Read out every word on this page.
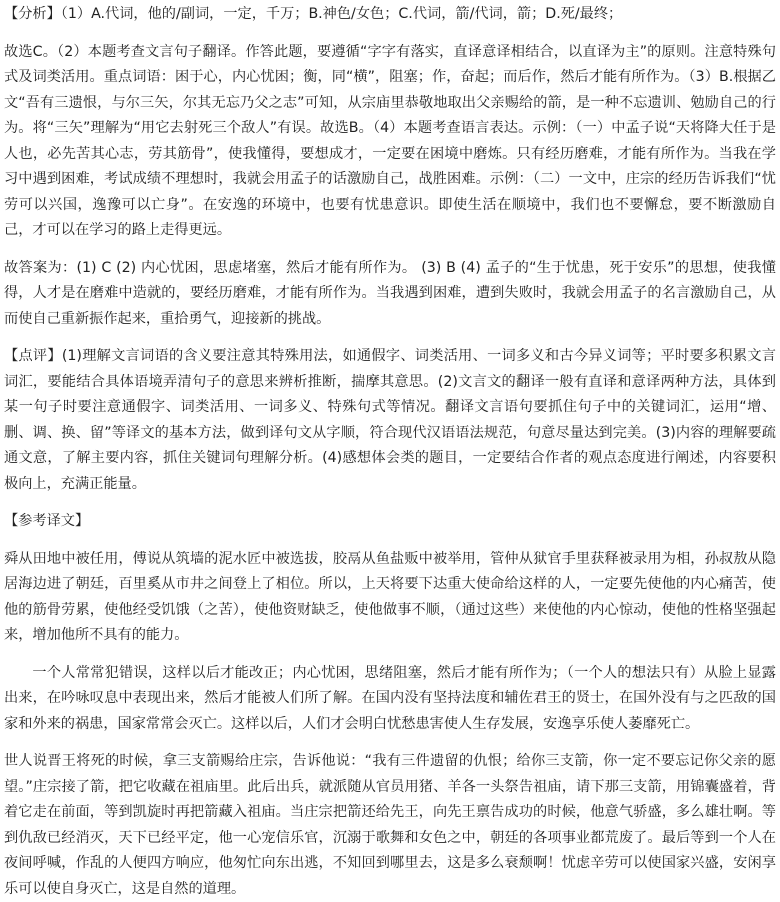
【分析】（1）A.代词，他的/副词，一定，千万；B.神色/女色；C.代词，箭/代词，箭；D.死/最终；

故选C。（2）本题考查文言句子翻译。作答此题，要遵循“字字有落实，直译意译相结合，以直译为主”的原则。注意特殊句式及词类活用。重点词语：困于心，内心忧困；衡，同“横”，阻塞；作，奋起；而后作，然后才能有所作为。（3）B.根据乙文“吾有三遗恨，与尔三矢，尔其无忘乃父之志”可知，从宗庙里恭敬地取出父亲赐给的箭，是一种不忘遗训、勉励自己的行为。将“三矢”理解为“用它去射死三个敌人”有误。故选B。（4）本题考查语言表达。示例：（一）中孟子说“天将降大任于是人也，必先苦其心志，劳其筋骨”，使我懂得，要想成才，一定要在困境中磨炼。只有经历磨难，才能有所作为。当我在学习中遇到困难，考试成绩不理想时，我就会用孟子的话激励自己，战胜困难。示例：（二）一文中，庄宗的经历告诉我们“忧劳可以兴国，逸豫可以亡身”。在安逸的环境中，也要有忧患意识。即使生活在顺境中，我们也不要懈怠，要不断激励自己，才可以在学习的路上走得更远。

故答案为：(1) C (2) 内心忧困，思虑堵塞，然后才能有所作为。 (3) B (4) 孟子的“生于忧患，死于安乐”的思想，使我懂得，人才是在磨难中造就的，要经历磨难，才能有所作为。当我遇到困难，遭到失败时，我就会用孟子的名言激励自己，从而使自己重新振作起来，重拾勇气，迎接新的挑战。

【点评】(1)理解文言词语的含义要注意其特殊用法，如通假字、词类活用、一词多义和古今异义词等；平时要多积累文言词汇，要能结合具体语境弄清句子的意思来辨析推断，揣摩其意思。(2)文言文的翻译一般有直译和意译两种方法，具体到某一句子时要注意通假字、词类活用、一词多义、特殊句式等情况。翻译文言语句要抓住句子中的关键词汇，运用“增、删、调、换、留”等译文的基本方法，做到译句文从字顺，符合现代汉语语法规范，句意尽量达到完美。(3)内容的理解要疏通文意，了解主要内容，抓住关键词句理解分析。(4)感想体会类的题目，一定要结合作者的观点态度进行阐述，内容要积极向上，充满正能量。

【参考译文】

舜从田地中被任用，傅说从筑墙的泥水匠中被选拔，胶鬲从鱼盐贩中被举用，管仲从狱官手里获释被录用为相，孙叔敖从隐居海边进了朝廷，百里奚从市井之间登上了相位。所以，上天将要下达重大使命给这样的人，一定要先使他的内心痛苦，使他的筋骨劳累，使他经受饥饿（之苦），使他资财缺乏，使他做事不顺，（通过这些）来使他的内心惊动，使他的性格坚强起来，增加他所不具有的能力。

一个人常常犯错误，这样以后才能改正；内心忧困，思绪阻塞，然后才能有所作为；（一个人的想法只有）从脸上显露出来，在吟咏叹息中表现出来，然后才能被人们所了解。在国内没有坚持法度和辅佐君王的贤士，在国外没有与之匹敌的国家和外来的祸患，国家常常会灭亡。这样以后，人们才会明白忧愁患害使人生存发展，安逸享乐使人萎靡死亡。

世人说晋王将死的时候，拿三支箭赐给庄宗，告诉他说：“我有三件遗留的仇恨；给你三支箭，你一定不要忘记你父亲的愿望。”庄宗接了箭，把它收藏在祖庙里。此后出兵，就派随从官员用猪、羊各一头祭告祖庙，请下那三支箭，用锦囊盛着，背着它走在前面，等到凯旋时再把箭藏入祖庙。当庄宗把箭还给先王，向先王禀告成功的时候，他意气骄盛，多么雄壮啊。等到仇敌已经消灭，天下已经平定，他一心宠信乐官，沉溺于歌舞和女色之中，朝廷的各项事业都荒废了。最后等到一个人在夜间呼喊，作乱的人便四方响应，他匆忙向东出逃，不知回到哪里去，这是多么衰颓啊！忧虑辛劳可以使国家兴盛，安闲享乐可以使自身灭亡，这是自然的道理。
